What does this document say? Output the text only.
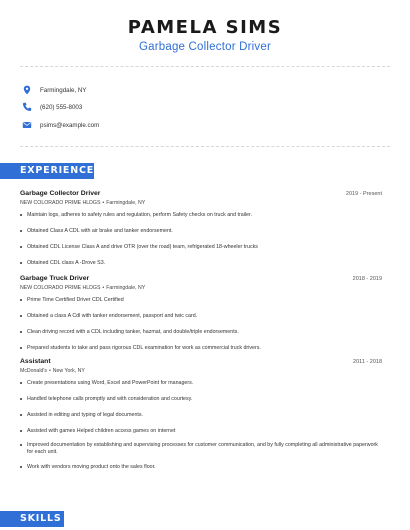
PAMELA SIMS
Garbage Collector Driver
Farmingdale, NY
(620) 555-8003
psims@example.com
EXPERIENCE
Garbage Collector Driver	2019 - Present
NEW COLORADO PRIME HLDGS • Farmingdale, NY
Maintain logs, adheres to safety rules and regulation, perform Safety checks on truck and trailer.
Obtained Class A CDL with air brake and tanker endorsement.
Obtained CDL License Class A and drive OTR (over the road) team, refrigerated 18-wheeler trucks
Obtained CDL class A -Drove S3.
Garbage Truck Driver	2018 - 2019
NEW COLORADO PRIME HLDGS • Farmingdale, NY
Prime Time Certified Driver CDL Certified
Obtained a class A Cdl with tanker endorsement, passport and twic card.
Clean driving record with a CDL including tanker, hazmat, and double/triple endorsements.
Prepared students to take and pass rigorous CDL examination for work as commercial truck drivers.
Assistant	2011 - 2018
McDonald's • New York, NY
Create presentations using Word, Excel and PowerPoint for managers.
Handled telephone calls promptly and with consideration and courtesy.
Assisted in editing and typing of legal documents.
Assisted with games Helped children access games on internet
Improved documentation by establishing and supervising processes for customer communication, and by fully completing all administrative paperwork for each unit.
Work with vendors moving product onto the sales floor.
SKILLS
